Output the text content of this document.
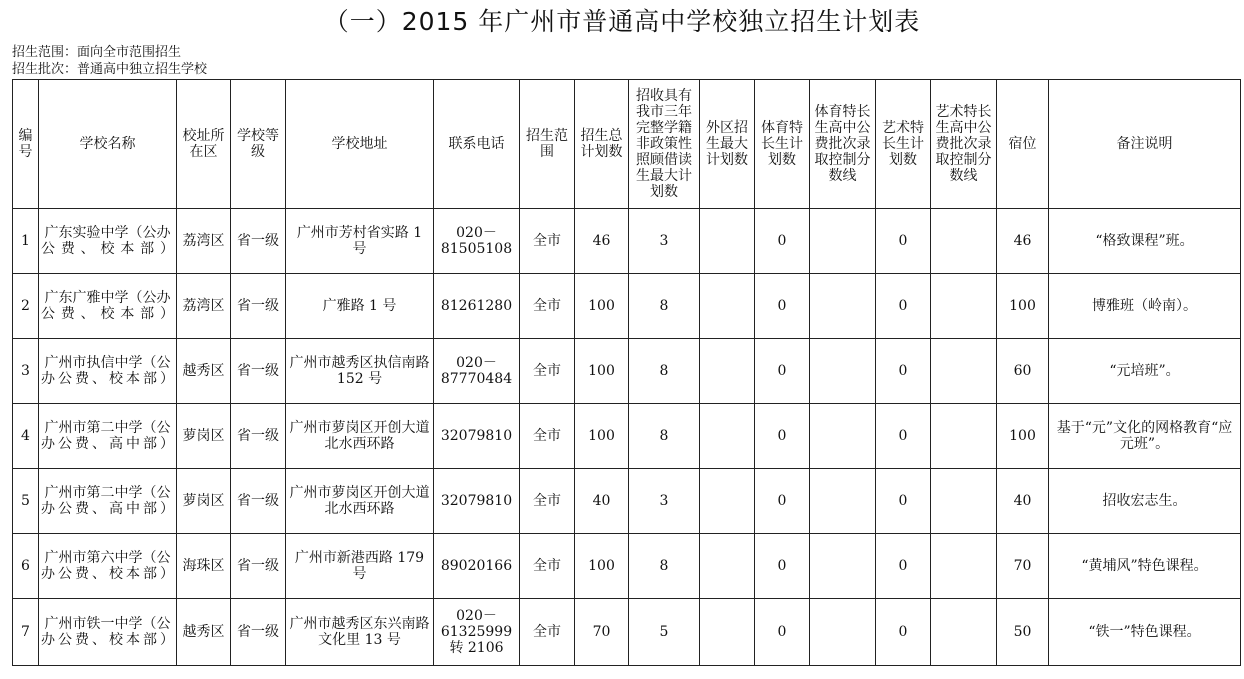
（一）2015 年广州市普通高中学校独立招生计划表
招生范围：面向全市范围招生
招生批次：普通高中独立招生学校
编号	学校名称	校址所在区	学校等级	学校地址	联系电话	招生范围	招生总计划数	招收具有我市三年完整学籍非政策性照顾借读生最大计划数	外区招生最大计划数	体育特长生计划数	体育特长生高中公费批次录取控制分数线	艺术特长生计划数	艺术特长生高中公费批次录取控制分数线	宿位	备注说明
1	广东实验中学（公办公费、校本部）	荔湾区	省一级	广州市芳村省实路 1 号	020－81505108	全市	46	3		0		0		46	“格致课程”班。
2	广东广雅中学（公办公费、校本部）	荔湾区	省一级	广雅路 1 号	81261280	全市	100	8		0		0		100	博雅班（岭南）。
3	广州市执信中学（公办公费、校本部）	越秀区	省一级	广州市越秀区执信南路 152 号	020－87770484	全市	100	8		0		0		60	“元培班”。
4	广州市第二中学（公办公费、高中部）	萝岗区	省一级	广州市萝岗区开创大道北水西环路	32079810	全市	100	8		0		0		100	基于“元”文化的网格教育“应元班”。
5	广州市第二中学（公办公费、高中部）	萝岗区	省一级	广州市萝岗区开创大道北水西环路	32079810	全市	40	3		0		0		40	招收宏志生。
6	广州市第六中学（公办公费、校本部）	海珠区	省一级	广州市新港西路 179 号	89020166	全市	100	8		0		0		70	“黄埔风”特色课程。
7	广州市铁一中学（公办公费、校本部）	越秀区	省一级	广州市越秀区东兴南路文化里 13 号	020－61325999转 2106	全市	70	5		0		0		50	“铁一”特色课程。
